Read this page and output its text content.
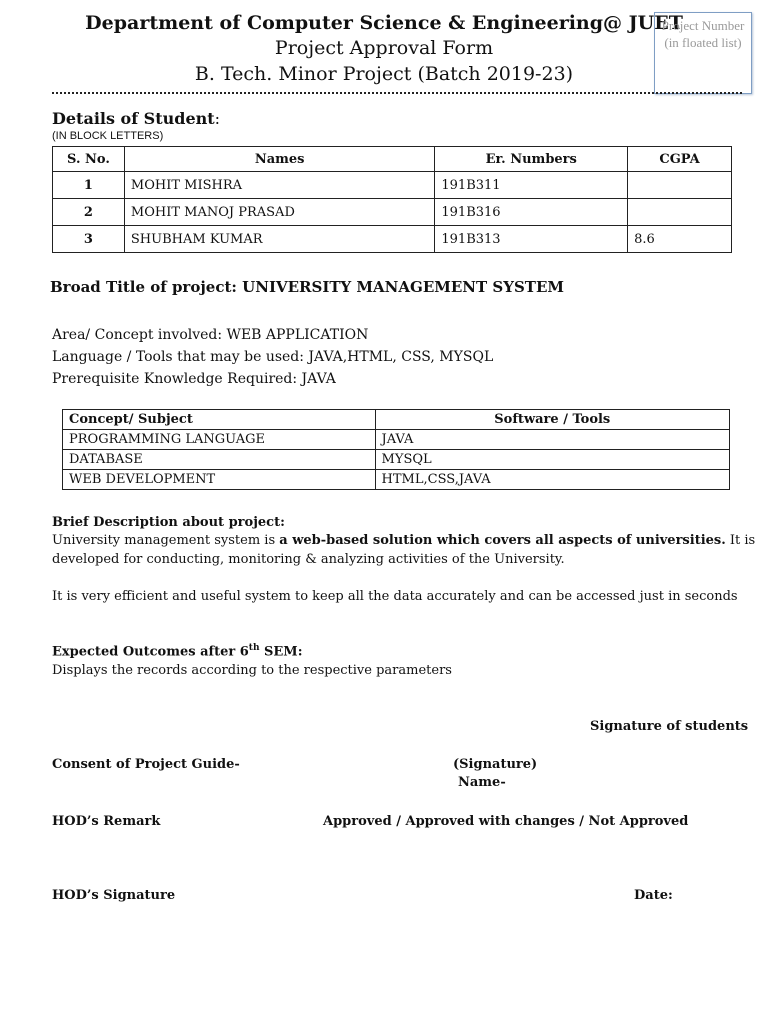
Department of Computer Science & Engineering@ JUET
Project Approval Form
B. Tech. Minor Project (Batch 2019-23)
Project Number (in floated list)
Details of Student:
(IN BLOCK LETTERS)
S. No.	Names	Er. Numbers	CGPA
1	MOHIT MISHRA	191B311	
2	MOHIT MANOJ PRASAD	191B316	
3	SHUBHAM KUMAR	191B313	8.6
Broad Title of project: UNIVERSITY MANAGEMENT SYSTEM
Area/ Concept involved: WEB APPLICATION
Language / Tools that may be used: JAVA,HTML, CSS, MYSQL
Prerequisite Knowledge Required: JAVA
Concept/ Subject	Software / Tools
PROGRAMMING LANGUAGE	JAVA
DATABASE	MYSQL
WEB DEVELOPMENT	HTML,CSS,JAVA
Brief Description about project:
University management system is a web-based solution which covers all aspects of universities. It is
developed for conducting, monitoring & analyzing activities of the University.
It is very efficient and useful system to keep all the data accurately and can be accessed just in seconds
Expected Outcomes after 6th SEM:
Displays the records according to the respective parameters
Signature of students
Consent of Project Guide-	(Signature)
Name-
HOD’s Remark	Approved / Approved with changes / Not Approved
HOD’s Signature	Date:
